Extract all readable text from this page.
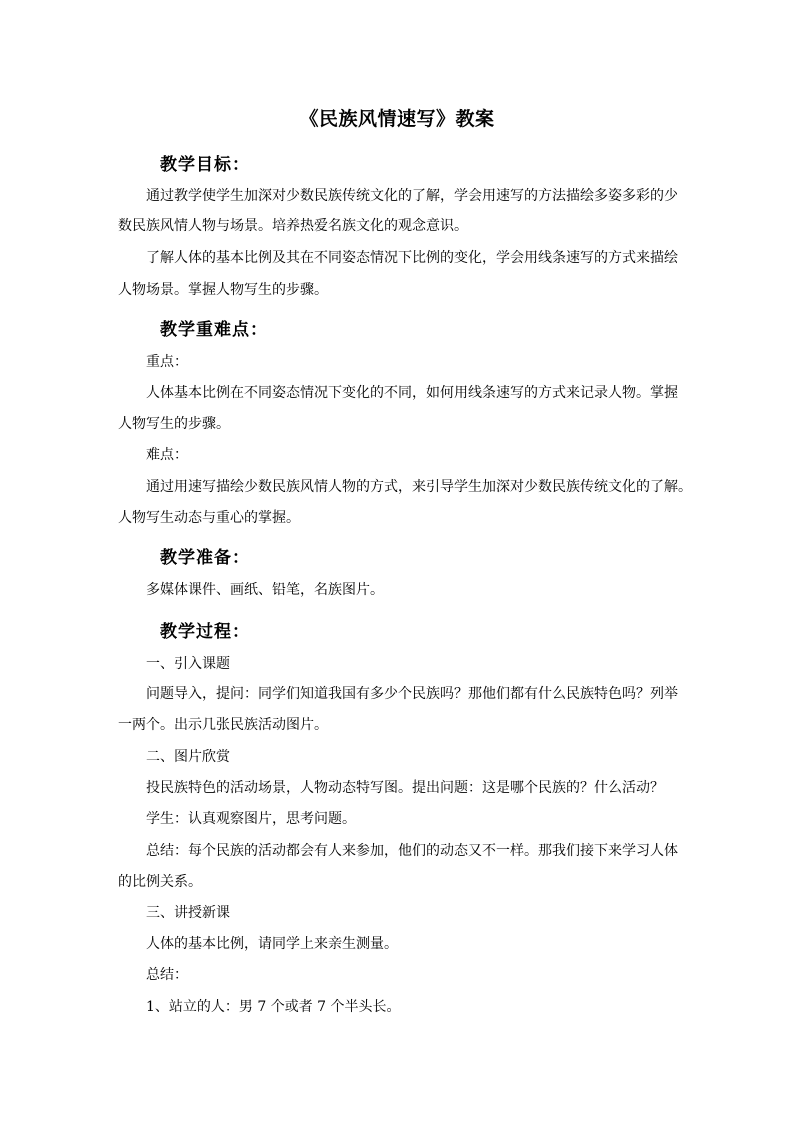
《民族风情速写》教案
教学目标：
通过教学使学生加深对少数民族传统文化的了解，学会用速写的方法描绘多姿多彩的少
数民族风情人物与场景。培养热爱名族文化的观念意识。
了解人体的基本比例及其在不同姿态情况下比例的变化，学会用线条速写的方式来描绘
人物场景。掌握人物写生的步骤。
教学重难点：
重点：
人体基本比例在不同姿态情况下变化的不同，如何用线条速写的方式来记录人物。掌握
人物写生的步骤。
难点：
通过用速写描绘少数民族风情人物的方式，来引导学生加深对少数民族传统文化的了解。
人物写生动态与重心的掌握。
教学准备：
多媒体课件、画纸、铅笔，名族图片。
教学过程：
一、引入课题
问题导入，提问：同学们知道我国有多少个民族吗？那他们都有什么民族特色吗？列举
一两个。出示几张民族活动图片。
二、图片欣赏
投民族特色的活动场景，人物动态特写图。提出问题：这是哪个民族的？什么活动？
学生：认真观察图片，思考问题。
总结：每个民族的活动都会有人来参加，他们的动态又不一样。那我们接下来学习人体
的比例关系。
三、讲授新课
人体的基本比例，请同学上来亲生测量。
总结：
1、站立的人：男 7 个或者 7 个半头长。
